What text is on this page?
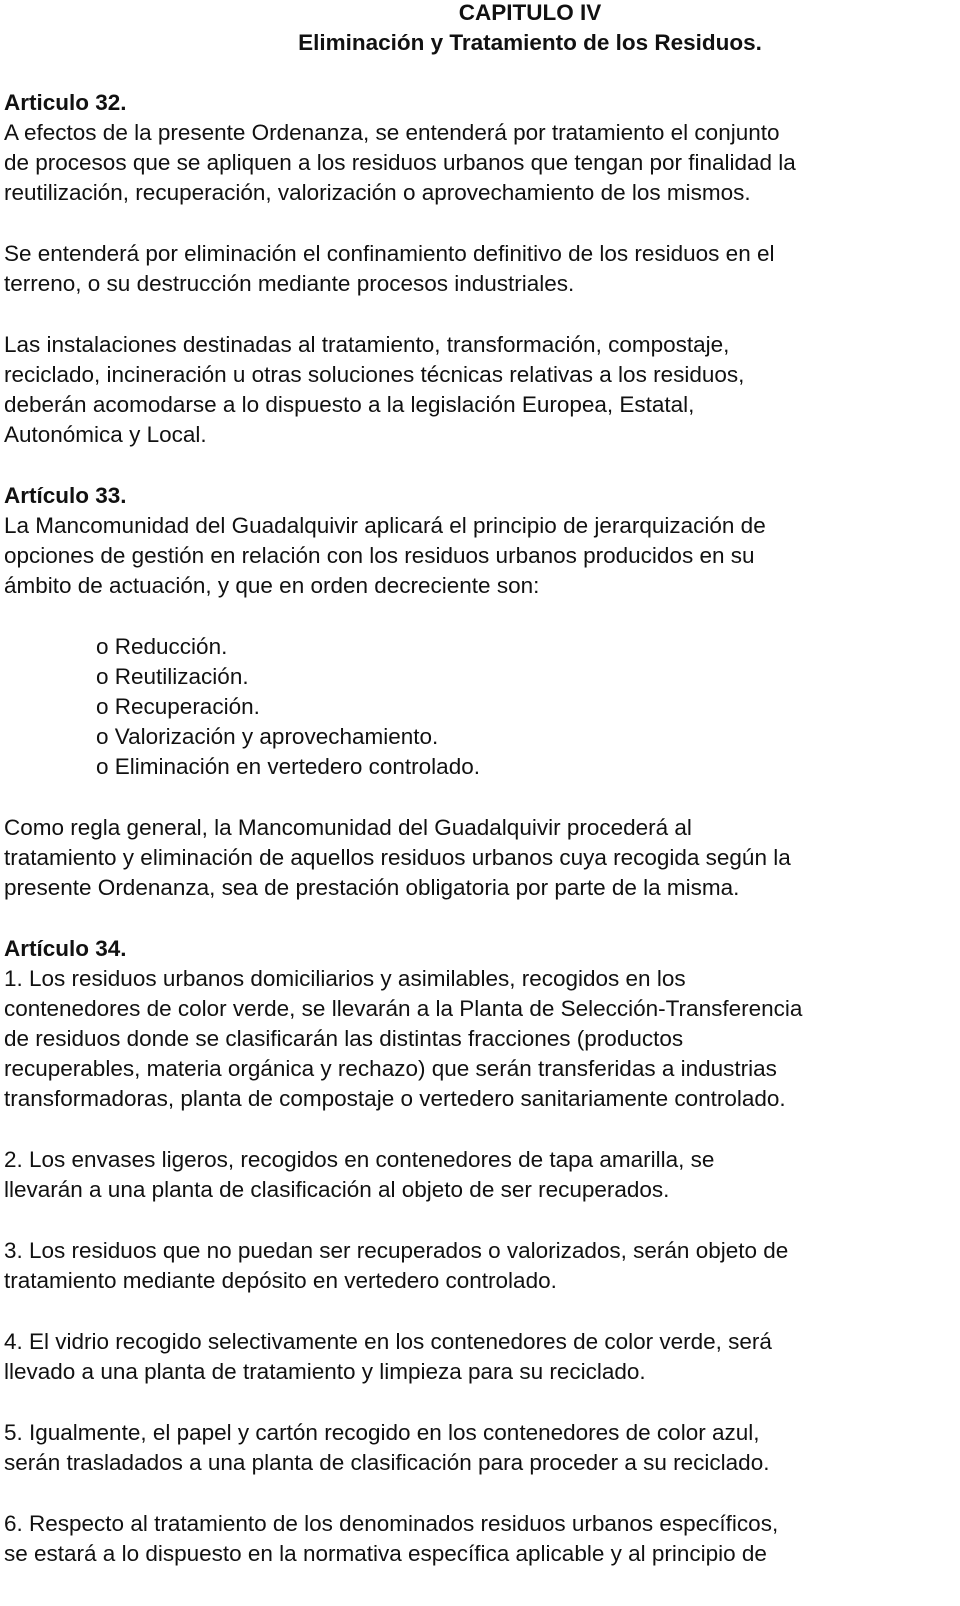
CAPITULO IV
Eliminación y Tratamiento de los Residuos.
Articulo 32.
A efectos de la presente Ordenanza, se entenderá por tratamiento el conjunto
de procesos que se apliquen a los residuos urbanos que tengan por finalidad la
reutilización, recuperación, valorización o aprovechamiento de los mismos.
Se entenderá por eliminación el confinamiento definitivo de los residuos en el
terreno, o su destrucción mediante procesos industriales.
Las instalaciones destinadas al tratamiento, transformación, compostaje,
reciclado, incineración u otras soluciones técnicas relativas a los residuos,
deberán acomodarse a lo dispuesto a la legislación Europea, Estatal,
Autonómica y Local.
Artículo 33.
La Mancomunidad del Guadalquivir aplicará el principio de jerarquización de
opciones de gestión en relación con los residuos urbanos producidos en su
ámbito de actuación, y que en orden decreciente son:
o Reducción.
o Reutilización.
o Recuperación.
o Valorización y aprovechamiento.
o Eliminación en vertedero controlado.
Como regla general, la Mancomunidad del Guadalquivir procederá al
tratamiento y eliminación de aquellos residuos urbanos cuya recogida según la
presente Ordenanza, sea de prestación obligatoria por parte de la misma.
Artículo 34.
1. Los residuos urbanos domiciliarios y asimilables, recogidos en los
contenedores de color verde, se llevarán a la Planta de Selección-Transferencia
de residuos donde se clasificarán las distintas fracciones (productos
recuperables, materia orgánica y rechazo) que serán transferidas a industrias
transformadoras, planta de compostaje o vertedero sanitariamente controlado.
2. Los envases ligeros, recogidos en contenedores de tapa amarilla, se
llevarán a una planta de clasificación al objeto de ser recuperados.
3. Los residuos que no puedan ser recuperados o valorizados, serán objeto de
tratamiento mediante depósito en vertedero controlado.
4. El vidrio recogido selectivamente en los contenedores de color verde, será
llevado a una planta de tratamiento y limpieza para su reciclado.
5. Igualmente, el papel y cartón recogido en los contenedores de color azul,
serán trasladados a una planta de clasificación para proceder a su reciclado.
6. Respecto al tratamiento de los denominados residuos urbanos específicos,
se estará a lo dispuesto en la normativa específica aplicable y al principio de
